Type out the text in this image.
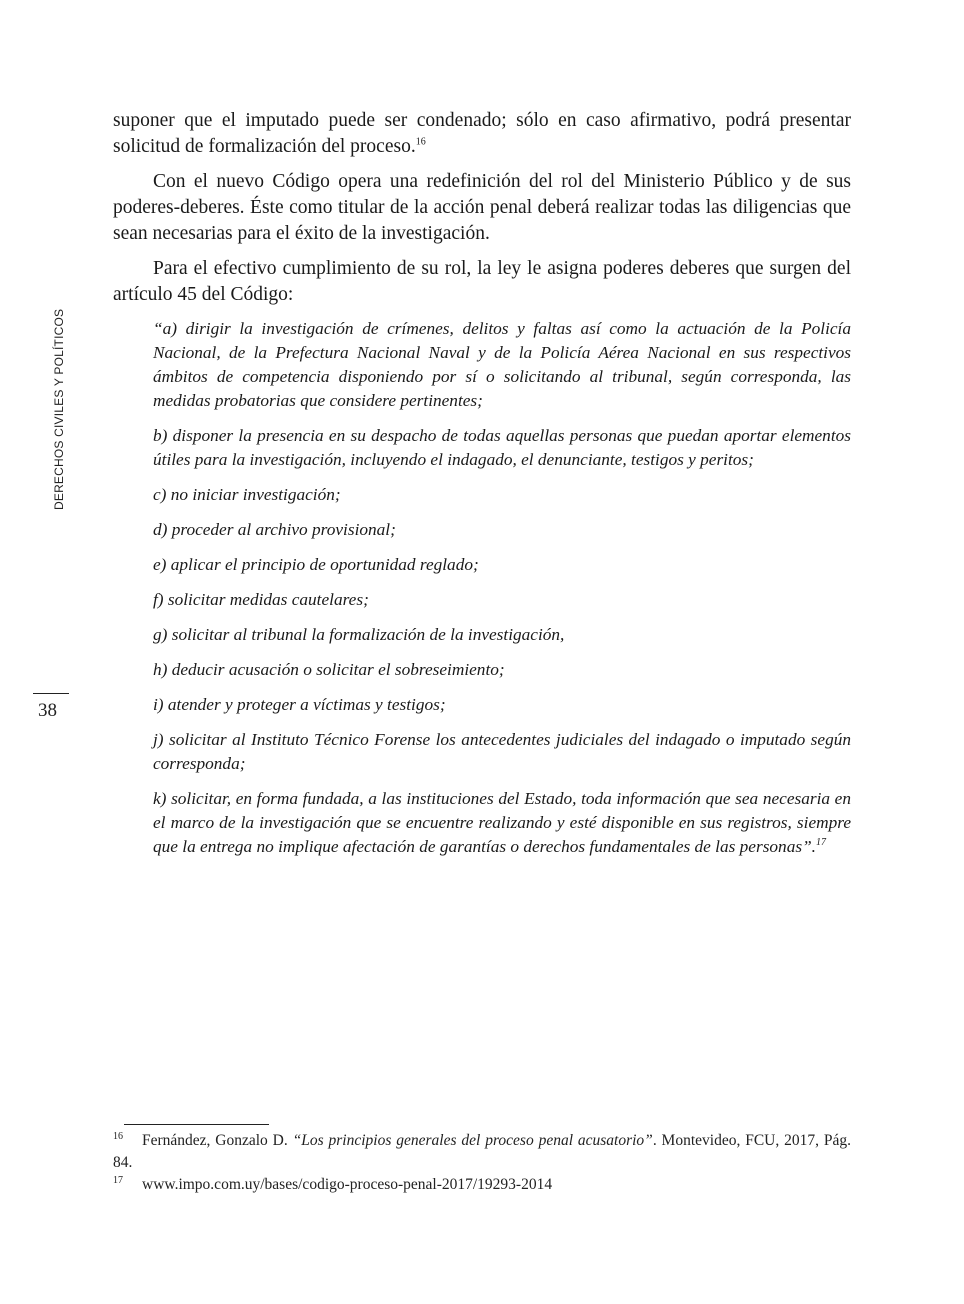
DERECHOS CIVILES Y POLÍTICOS
38

suponer que el imputado puede ser condenado; sólo en caso afirmativo, podrá presentar solicitud de formalización del proceso.$^{16}$

Con el nuevo Código opera una redefinición del rol del Ministerio Público y de sus poderes-deberes. Éste como titular de la acción penal deberá realizar todas las diligencias que sean necesarias para el éxito de la investigación.

Para el efectivo cumplimiento de su rol, la ley le asigna poderes deberes que surgen del artículo 45 del Código:

“a) dirigir la investigación de crímenes, delitos y faltas así como la actuación de la Policía Nacional, de la Prefectura Nacional Naval y de la Policía Aérea Nacional en sus respectivos ámbitos de competencia disponiendo por sí o solicitando al tribunal, según corresponda, las medidas probatorias que considere pertinentes;

b) disponer la presencia en su despacho de todas aquellas personas que puedan aportar elementos útiles para la investigación, incluyendo el indagado, el denunciante, testigos y peritos;

c) no iniciar investigación;

d) proceder al archivo provisional;

e) aplicar el principio de oportunidad reglado;

f) solicitar medidas cautelares;

g) solicitar al tribunal la formalización de la investigación,

h) deducir acusación o solicitar el sobreseimiento;

i) atender y proteger a víctimas y testigos;

j) solicitar al Instituto Técnico Forense los antecedentes judiciales del indagado o imputado según corresponda;

k) solicitar, en forma fundada, a las instituciones del Estado, toda información que sea necesaria en el marco de la investigación que se encuentre realizando y esté disponible en sus registros, siempre que la entrega no implique afectación de garantías o derechos fundamentales de las personas”.$^{17}$

16 Fernández, Gonzalo D. “Los principios generales del proceso penal acusatorio”. Montevideo, FCU, 2017, Pág. 84.

17 www.impo.com.uy/bases/codigo-proceso-penal-2017/19293-2014
